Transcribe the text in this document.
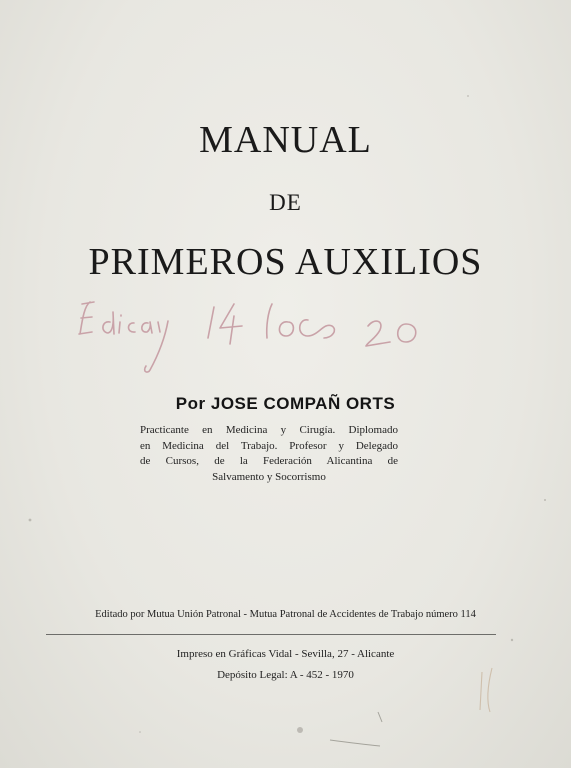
MANUAL
DE
PRIMEROS AUXILIOS
Por JOSE COMPAÑ ORTS
Practicante en Medicina y Cirugía. Diplomado
en Medicina del Trabajo. Profesor y Delegado
de Cursos, de la Federación Alicantina de
Salvamento y Socorrismo
Editado por Mutua Unión Patronal - Mutua Patronal de Accidentes de Trabajo número 114
Impreso en Gráficas Vidal - Sevilla, 27 - Alicante
Depósito Legal: A - 452 - 1970
